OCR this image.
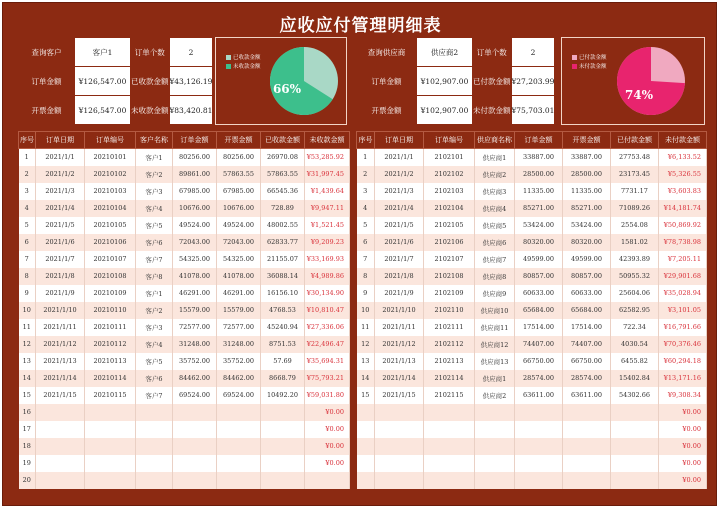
应收应付管理明细表
查询客户	客户1	订单个数	2
订单金额	¥126,547.00	已收款金额	¥43,126.19
开票金额	¥126,547.00	未收款金额	¥83,420.81
已收款金额
未收款金额
66%
查询供应商	供应商2	订单个数	2
订单金额	¥102,907.00	已付款金额	¥27,203.99
开票金额	¥102,907.00	未付款金额	¥75,703.01
已付款金额
未付款金额
74%
序号	订单日期	订单编号	客户名称	订单金额	开票金额	已收款金额	未收款金额
1	2021/1/1	20210101	客户1	80256.00	80256.00	26970.08	¥53,285.92
2	2021/1/2	20210102	客户2	89861.00	57863.55	57863.55	¥31,997.45
3	2021/1/3	20210103	客户3	67985.00	67985.00	66545.36	¥1,439.64
4	2021/1/4	20210104	客户4	10676.00	10676.00	728.89	¥9,947.11
5	2021/1/5	20210105	客户5	49524.00	49524.00	48002.55	¥1,521.45
6	2021/1/6	20210106	客户6	72043.00	72043.00	62833.77	¥9,209.23
7	2021/1/7	20210107	客户7	54325.00	54325.00	21155.07	¥33,169.93
8	2021/1/8	20210108	客户8	41078.00	41078.00	36088.14	¥4,989.86
9	2021/1/9	20210109	客户1	46291.00	46291.00	16156.10	¥30,134.90
10	2021/1/10	20210110	客户2	15579.00	15579.00	4768.53	¥10,810.47
11	2021/1/11	20210111	客户3	72577.00	72577.00	45240.94	¥27,336.06
12	2021/1/12	20210112	客户4	31248.00	31248.00	8751.53	¥22,496.47
13	2021/1/13	20210113	客户5	35752.00	35752.00	57.69	¥35,694.31
14	2021/1/14	20210114	客户6	84462.00	84462.00	8668.79	¥75,793.21
15	2021/1/15	20210115	客户7	69524.00	69524.00	10492.20	¥59,031.80
16							¥0.00
17							¥0.00
18							¥0.00
19							¥0.00
20							
序号	订单日期	订单编号	供应商名称	订单金额	开票金额	已付款金额	未付款金额
1	2021/1/1	2102101	供应商1	33887.00	33887.00	27753.48	¥6,133.52
2	2021/1/2	2102102	供应商2	28500.00	28500.00	23173.45	¥5,326.55
3	2021/1/3	2102103	供应商3	11335.00	11335.00	7731.17	¥3,603.83
4	2021/1/4	2102104	供应商4	85271.00	85271.00	71089.26	¥14,181.74
5	2021/1/5	2102105	供应商5	53424.00	53424.00	2554.08	¥50,869.92
6	2021/1/6	2102106	供应商6	80320.00	80320.00	1581.02	¥78,738.98
7	2021/1/7	2102107	供应商7	49599.00	49599.00	42393.89	¥7,205.11
8	2021/1/8	2102108	供应商8	80857.00	80857.00	50955.32	¥29,901.68
9	2021/1/9	2102109	供应商9	60633.00	60633.00	25604.06	¥35,028.94
10	2021/1/10	2102110	供应商10	65684.00	65684.00	62582.95	¥3,101.05
11	2021/1/11	2102111	供应商11	17514.00	17514.00	722.34	¥16,791.66
12	2021/1/12	2102112	供应商12	74407.00	74407.00	4030.54	¥70,376.46
13	2021/1/13	2102113	供应商13	66750.00	66750.00	6455.82	¥60,294.18
14	2021/1/14	2102114	供应商1	28574.00	28574.00	15402.84	¥13,171.16
15	2021/1/15	2102115	供应商2	63611.00	63611.00	54302.66	¥9,308.34
							¥0.00
							¥0.00
							¥0.00
							¥0.00
							¥0.00
